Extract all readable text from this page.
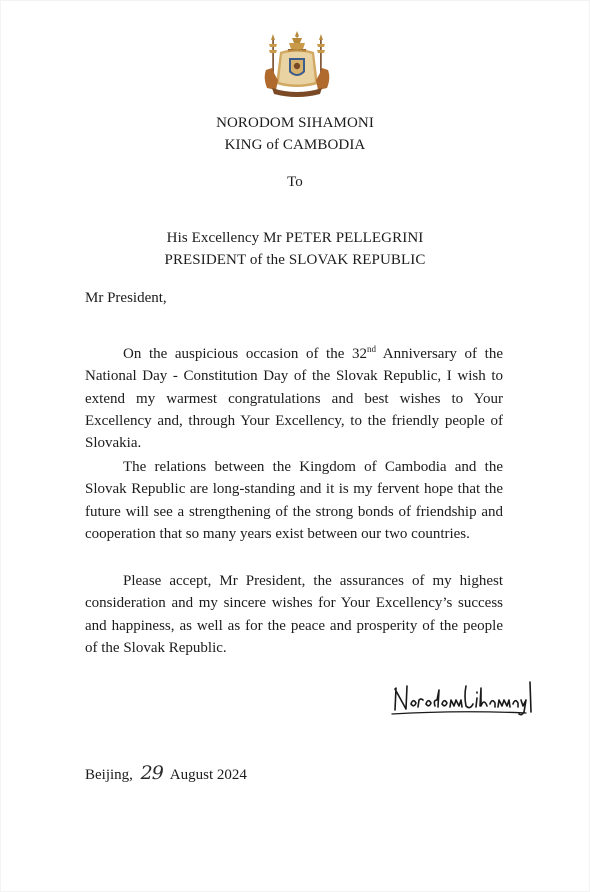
NORODOM SIHAMONI
KING of CAMBODIA
To
His Excellency Mr PETER PELLEGRINI
PRESIDENT of the SLOVAK REPUBLIC
Mr President,

On the auspicious occasion of the 32nd Anniversary of the National Day - Constitution Day of the Slovak Republic, I wish to extend my warmest congratulations and best wishes to Your Excellency and, through Your Excellency, to the friendly people of Slovakia.

The relations between the Kingdom of Cambodia and the Slovak Republic are long-standing and it is my fervent hope that the future will see a strengthening of the strong bonds of friendship and cooperation that so many years exist between our two countries.

Please accept, Mr President, the assurances of my highest consideration and my sincere wishes for Your Excellency’s success and happiness, as well as for the peace and prosperity of the people of the Slovak Republic.

Beijing, 29 August 2024
